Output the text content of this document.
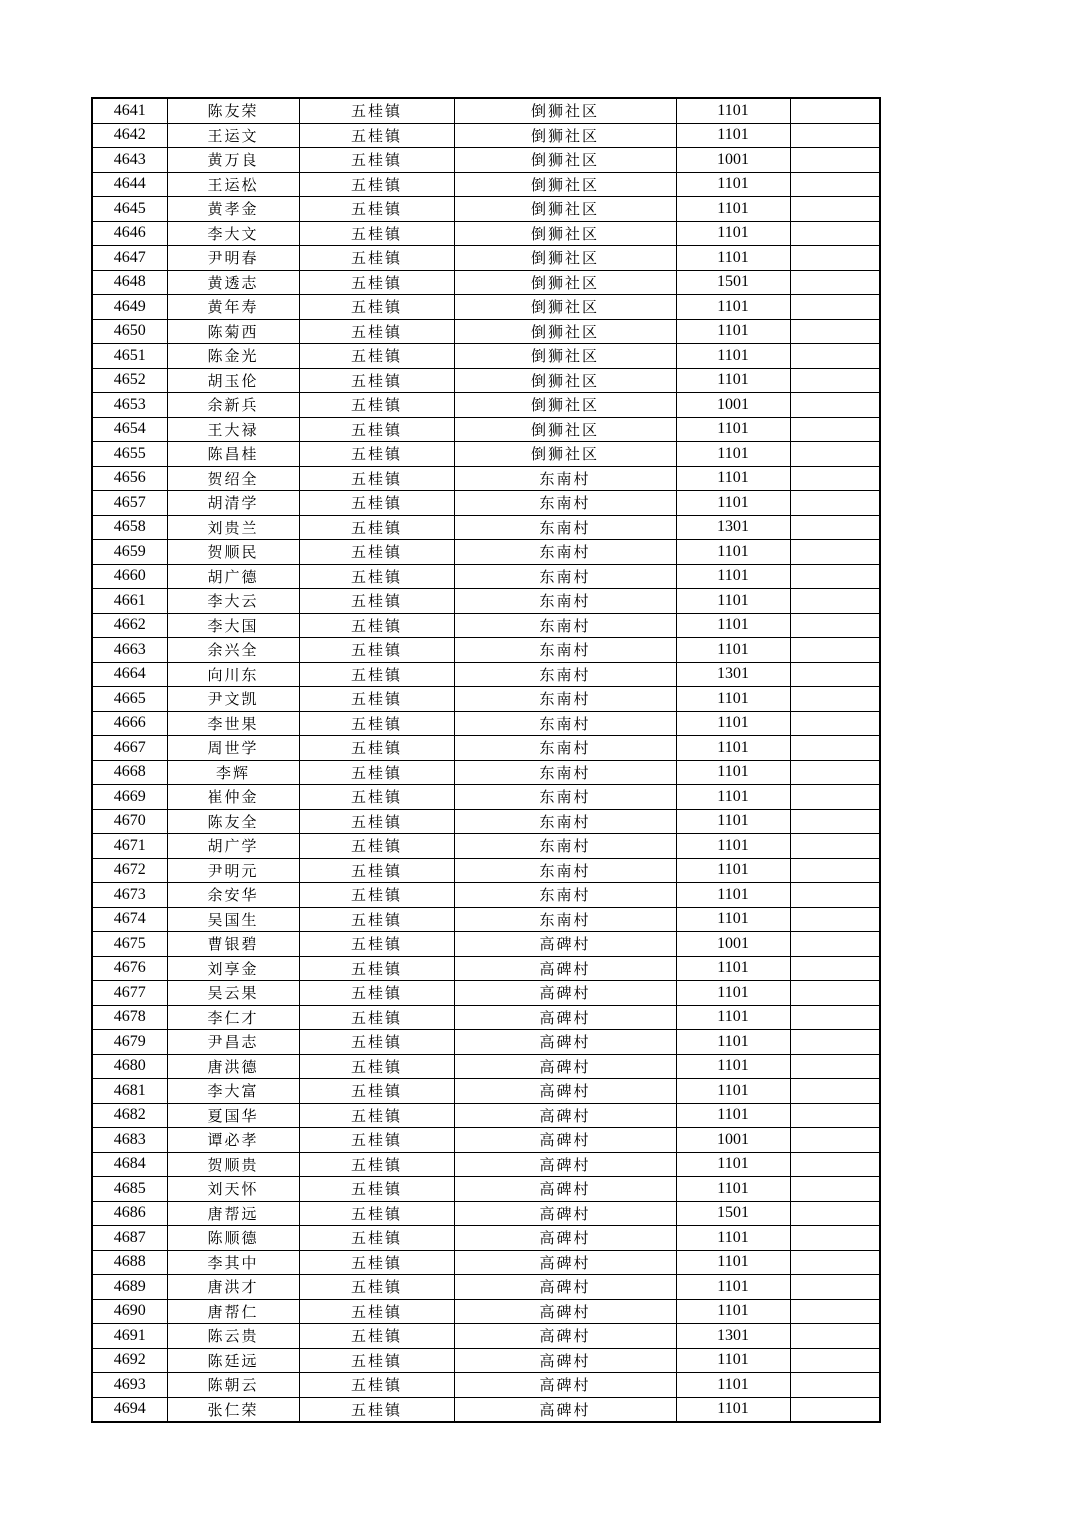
4641	陈友荣	五桂镇	倒狮社区	1101	
4642	王运文	五桂镇	倒狮社区	1101	
4643	黄万良	五桂镇	倒狮社区	1001	
4644	王运松	五桂镇	倒狮社区	1101	
4645	黄孝金	五桂镇	倒狮社区	1101	
4646	李大文	五桂镇	倒狮社区	1101	
4647	尹明春	五桂镇	倒狮社区	1101	
4648	黄透志	五桂镇	倒狮社区	1501	
4649	黄年寿	五桂镇	倒狮社区	1101	
4650	陈菊西	五桂镇	倒狮社区	1101	
4651	陈金光	五桂镇	倒狮社区	1101	
4652	胡玉伦	五桂镇	倒狮社区	1101	
4653	余新兵	五桂镇	倒狮社区	1001	
4654	王大禄	五桂镇	倒狮社区	1101	
4655	陈昌桂	五桂镇	倒狮社区	1101	
4656	贺绍全	五桂镇	东南村	1101	
4657	胡清学	五桂镇	东南村	1101	
4658	刘贵兰	五桂镇	东南村	1301	
4659	贺顺民	五桂镇	东南村	1101	
4660	胡广德	五桂镇	东南村	1101	
4661	李大云	五桂镇	东南村	1101	
4662	李大国	五桂镇	东南村	1101	
4663	余兴全	五桂镇	东南村	1101	
4664	向川东	五桂镇	东南村	1301	
4665	尹文凯	五桂镇	东南村	1101	
4666	李世果	五桂镇	东南村	1101	
4667	周世学	五桂镇	东南村	1101	
4668	李辉	五桂镇	东南村	1101	
4669	崔仲金	五桂镇	东南村	1101	
4670	陈友全	五桂镇	东南村	1101	
4671	胡广学	五桂镇	东南村	1101	
4672	尹明元	五桂镇	东南村	1101	
4673	余安华	五桂镇	东南村	1101	
4674	吴国生	五桂镇	东南村	1101	
4675	曹银碧	五桂镇	高碑村	1001	
4676	刘享金	五桂镇	高碑村	1101	
4677	吴云果	五桂镇	高碑村	1101	
4678	李仁才	五桂镇	高碑村	1101	
4679	尹昌志	五桂镇	高碑村	1101	
4680	唐洪德	五桂镇	高碑村	1101	
4681	李大富	五桂镇	高碑村	1101	
4682	夏国华	五桂镇	高碑村	1101	
4683	谭必孝	五桂镇	高碑村	1001	
4684	贺顺贵	五桂镇	高碑村	1101	
4685	刘天怀	五桂镇	高碑村	1101	
4686	唐帮远	五桂镇	高碑村	1501	
4687	陈顺德	五桂镇	高碑村	1101	
4688	李其中	五桂镇	高碑村	1101	
4689	唐洪才	五桂镇	高碑村	1101	
4690	唐帮仁	五桂镇	高碑村	1101	
4691	陈云贵	五桂镇	高碑村	1301	
4692	陈廷远	五桂镇	高碑村	1101	
4693	陈朝云	五桂镇	高碑村	1101	
4694	张仁荣	五桂镇	高碑村	1101	
